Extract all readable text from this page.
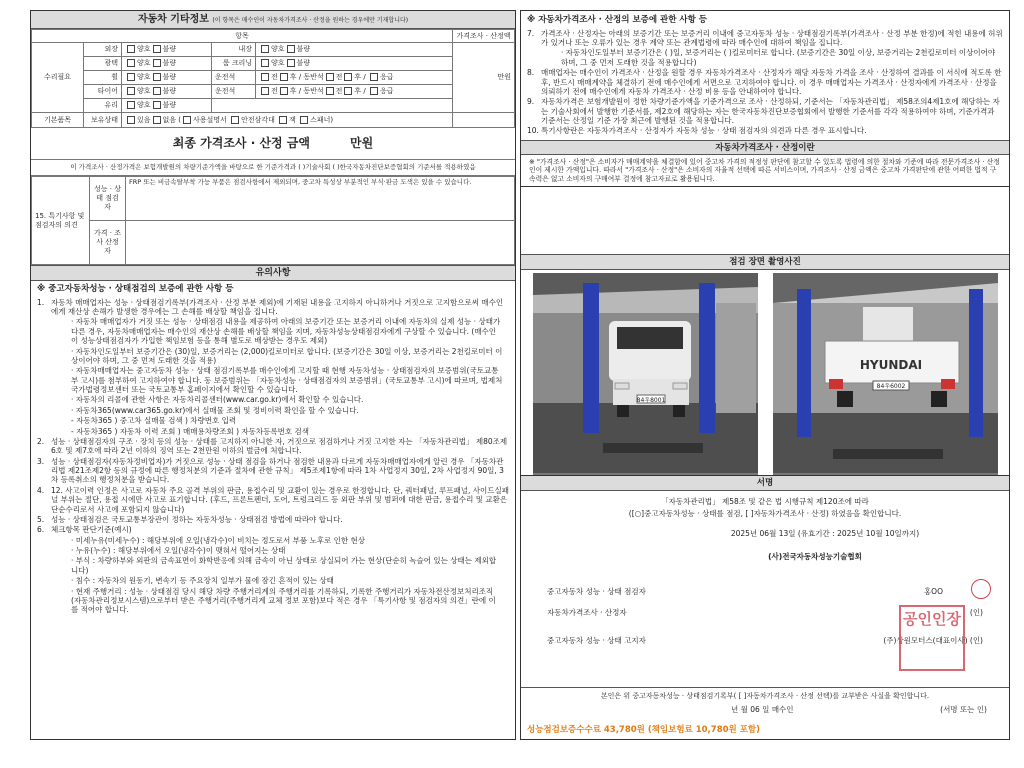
자동차 기타정보 (이 항목은 매수인이 자동차가격조사 · 산정을 원하는 경우에만 기재합니다)
항목					가격조사 · 산정액
수리필요	외장	양호 불량	내장	양호 불량	만원
	광택	양호 불량	룸 크리닝	양호 불량	
	휠	양호 불량	운전석	전 후 / 동반석 전 후 / 응급	
	타이어	양호 불량	운전석	전 후 / 동반석 전 후 / 응급	
	유리	양호 불량			
기본품목	보유상태	있음 없음 ( 사용설명서 안전삼각대 잭 스패너)			
최종 가격조사 · 산정 금액	만원
이 가격조사 · 산정가격은 보험개발원의 차량기준가액을 바탕으로 한 기준가격과 ( )기술사회 ( )한국자동차진단보증협회의 기준서를 적용하였음
15. 특기사항 및 점검자의 의견	성능 · 상태 점검자	FRP 또는 비금속탈부착 가능 부품은 점검사항에서 제외되며, 중고차 특성상 부분적인 부식·판금 도색은 있을 수 있습니다.
	가격 · 조사 산정자	
유의사항
※ 중고자동차성능 · 상태점검의 보증에 관한 사항 등
1. 자동차 매매업자는 성능 · 상태점검기록부(가격조사 · 산정 부분 제외)에 기재된 내용을 고지하지 아니하거나 거짓으로 고지함으로써 매수인에게 재산상 손해가 발생한 경우에는 그 손해를 배상할 책임을 집니다.
· 자동차 매매업자가 거짓 또는 성능 · 상태점검 내용을 제공하여 아래의 보증기간 또는 보증거리 이내에 자동차의 실제 성능 · 상태가 다른 경우, 자동차매매업자는 매수인의 재산상 손해를 배상할 책임을 지며, 자동차성능상태점검자에게 구상할 수 있습니다. (매수인이 성능상태점검자가 가입한 책임보험 등을 통해 별도로 배상받는 경우도 제외)
· 자동차인도일부터 보증기간은 (30)일, 보증거리는 (2,000)킬로미터로 합니다. (보증기간은 30일 이상, 보증거리는 2천킬로미터 이상이어야 하며, 그 중 먼저 도래한 것을 적용)
· 자동차매매업자는 중고자동차 성능 · 상태 점검기록부를 매수인에게 고지할 때 현행 자동차성능 · 상태점검자의 보증범위(국토교통부 고시)를 첨부하여 고지하여야 합니다. 동 보증범위는 「자동차성능 · 상태점검자의 보증범위」(국토교통부 고시)에 따르며, 법제처 국가법령정보센터 또는 국토교통부 홈페이지에서 확인할 수 있습니다.
· 자동차의 리콜에 관한 사항은 자동차리콜센터(www.car.go.kr)에서 확인할 수 있습니다.
· 자동차365(www.car365.go.kr)에서 실매물 조회 및 정비이력 확인을 할 수 있습니다.
- 자동차365 ) 중고차 실매물 검색 ) 차량번호 입력
- 자동차365 ) 자동차 이력 조회 ) 매매용차량조회 ) 자동차등록번호 검색
2. 성능 · 상태점검자의 구조 · 장치 등의 성능 · 상태를 고지하지 아니한 자, 거짓으로 점검하거나 거짓 고지한 자는 「자동차관리법」 제80조제6호 및 제7호에 따라 2년 이하의 징역 또는 2천만원 이하의 벌금에 처합니다.
3. 성능 · 상태점검자(자동차정비업자)가 거짓으로 성능 · 상태 점검을 하거나 점검한 내용과 다르게 자동차매매업자에게 알린 경우 「자동차관리법 제21조제2항 등의 규정에 따른 행정처분의 기준과 절차에 관한 규칙」 제5조제1항에 따라 1차 사업정지 30일, 2차 사업정지 90일, 3차 등록취소의 행정처분을 받습니다.
4. 12. 사고이력 인정은 사고로 자동차 주요 골격 부위의 판금, 용접수리 및 교환이 있는 경우로 한정합니다. 단, 쿼터패널, 루프패널, 사이드실패널 부위는 절단, 용접 시에만 사고로 표기합니다. (후드, 프론트펜더, 도어, 트렁크리드 등 외판 부위 및 범퍼에 대한 판금, 용접수리 및 교환은 단순수리로서 사고에 포함되지 않습니다)
5. 성능 · 상태점검은 국토교통부장관이 정하는 자동차성능 · 상태점검 방법에 따라야 합니다.
6. 체크항목 판단기준(예시)
· 미세누유(미세누수) : 해당부위에 오일(냉각수)이 비치는 정도로서 부품 노후로 인한 현상
· 누유(누수) : 해당부위에서 오일(냉각수)이 맺혀서 떨어지는 상태
· 부식 : 차량하부와 외판의 금속표면이 화학반응에 의해 금속이 아닌 상태로 상실되어 가는 현상(단순히 녹슬어 있는 상태는 제외합니다)
· 침수 : 자동차의 원동기, 변속기 등 주요장치 일부가 물에 잠긴 흔적이 있는 상태
· 현재 주행거리 : 성능 · 상태점검 당시 해당 차량 주행거리계의 주행거리를 기록하되, 기록한 주행거리가 자동차전산정보처리조직(자동차관리정보시스템)으로부터 받은 주행거리(주행거리계 교체 정보 포함)보다 적은 경우 「특기사항 및 점검자의 의견」란에 이를 적어야 합니다.
※ 자동차가격조사 · 산정의 보증에 관한 사항 등
7. 가격조사 · 산정자는 아래의 보증기간 또는 보증거리 이내에 중고자동차 성능 · 상태점검기록부(가격조사 · 산정 부분 한정)에 적힌 내용에 허위가 있거나 또는 오류가 있는 경우 계약 또는 관계법령에 따라 매수인에 대하여 책임을 집니다.
· 자동차인도일부터 보증기간은 ( )일, 보증거리는 ( )킬로미터로 합니다. (보증기간은 30일 이상, 보증거리는 2천킬로미터 이상이어야 하며, 그 중 먼저 도래한 것을 적용합니다)
8. 매매업자는 매수인이 가격조사 · 산정을 원할 경우 자동차가격조사 · 산정자가 해당 자동차 가격을 조사 · 산정하여 결과를 이 서식에 적도록 한 후, 반드시 매매계약을 체결하기 전에 매수인에게 서면으로 고지하여야 합니다. 이 경우 매매업자는 가격조사 · 산정자에게 가격조사 · 산정을 의뢰하기 전에 매수인에게 자동차 가격조사 · 산정 비용 등을 안내하여야 합니다.
9. 자동차가격은 보험개발원이 정한 차량기준가액을 기준가격으로 조사 · 산정하되, 기준서는 「자동차관리법」 제58조의4제1호에 해당하는 자는 기술사회에서 발행한 기준서를, 제2호에 해당하는 자는 한국자동차진단보증협회에서 발행한 기준서를 각각 적용하여야 하며, 기준가격과 기준서는 산정일 기준 가장 최근에 발행된 것을 적용합니다.
10. 특기사항란은 자동차가격조사 · 산정자가 자동차 성능 · 상태 점검자의 의견과 다른 경우 표시합니다.
자동차가격조사 · 산정이란
※ "가격조사 · 산정"은 소비자가 매매계약을 체결함에 있어 중고차 가격의 적정성 판단에 참고할 수 있도록 법령에 의한 절차와 기준에 따라 전문가격조사 · 산정인이 제시한 가액입니다. 따라서 "가격조사 · 산정"은 소비자의 자율적 선택에 따른 서비스이며, 가격조사 · 산정 금액은 중고차 가격판단에 관한 어떠한 법적 구속력은 없고 소비자의 구매여부 결정에 참고자료로 활용됩니다.
점검 장면 촬영사진
84우8001
HYUNDAI
84우6002
서명
「자동차관리법」 제58조 및 같은 법 시행규칙 제120조에 따라
([○]중고자동차성능 · 상태를 점검, [ ]자동차가격조사 · 산정) 하였음을 확인합니다.
2025년 06월 13일 (유효기간 : 2025년 10월 10일까지)
(사)전국자동차성능기술협회
중고자동차 성능 · 상태 점검자	홍OO
자동차가격조사 · 산정자	(인)
중고자동차 성능 · 상태 고지자	(주)상원모터스(대표이사) (인)
공인인장
본인은 위 중고자동차성능 · 상태점검기록부( [ ]자동차가격조사 · 산정 선택)를 교부받은 사실을 확인합니다.
년 월 06 일 매수인	(서명 또는 인)
성능점검보증수수료 43,780원 (책임보험료 10,780원 포함)
